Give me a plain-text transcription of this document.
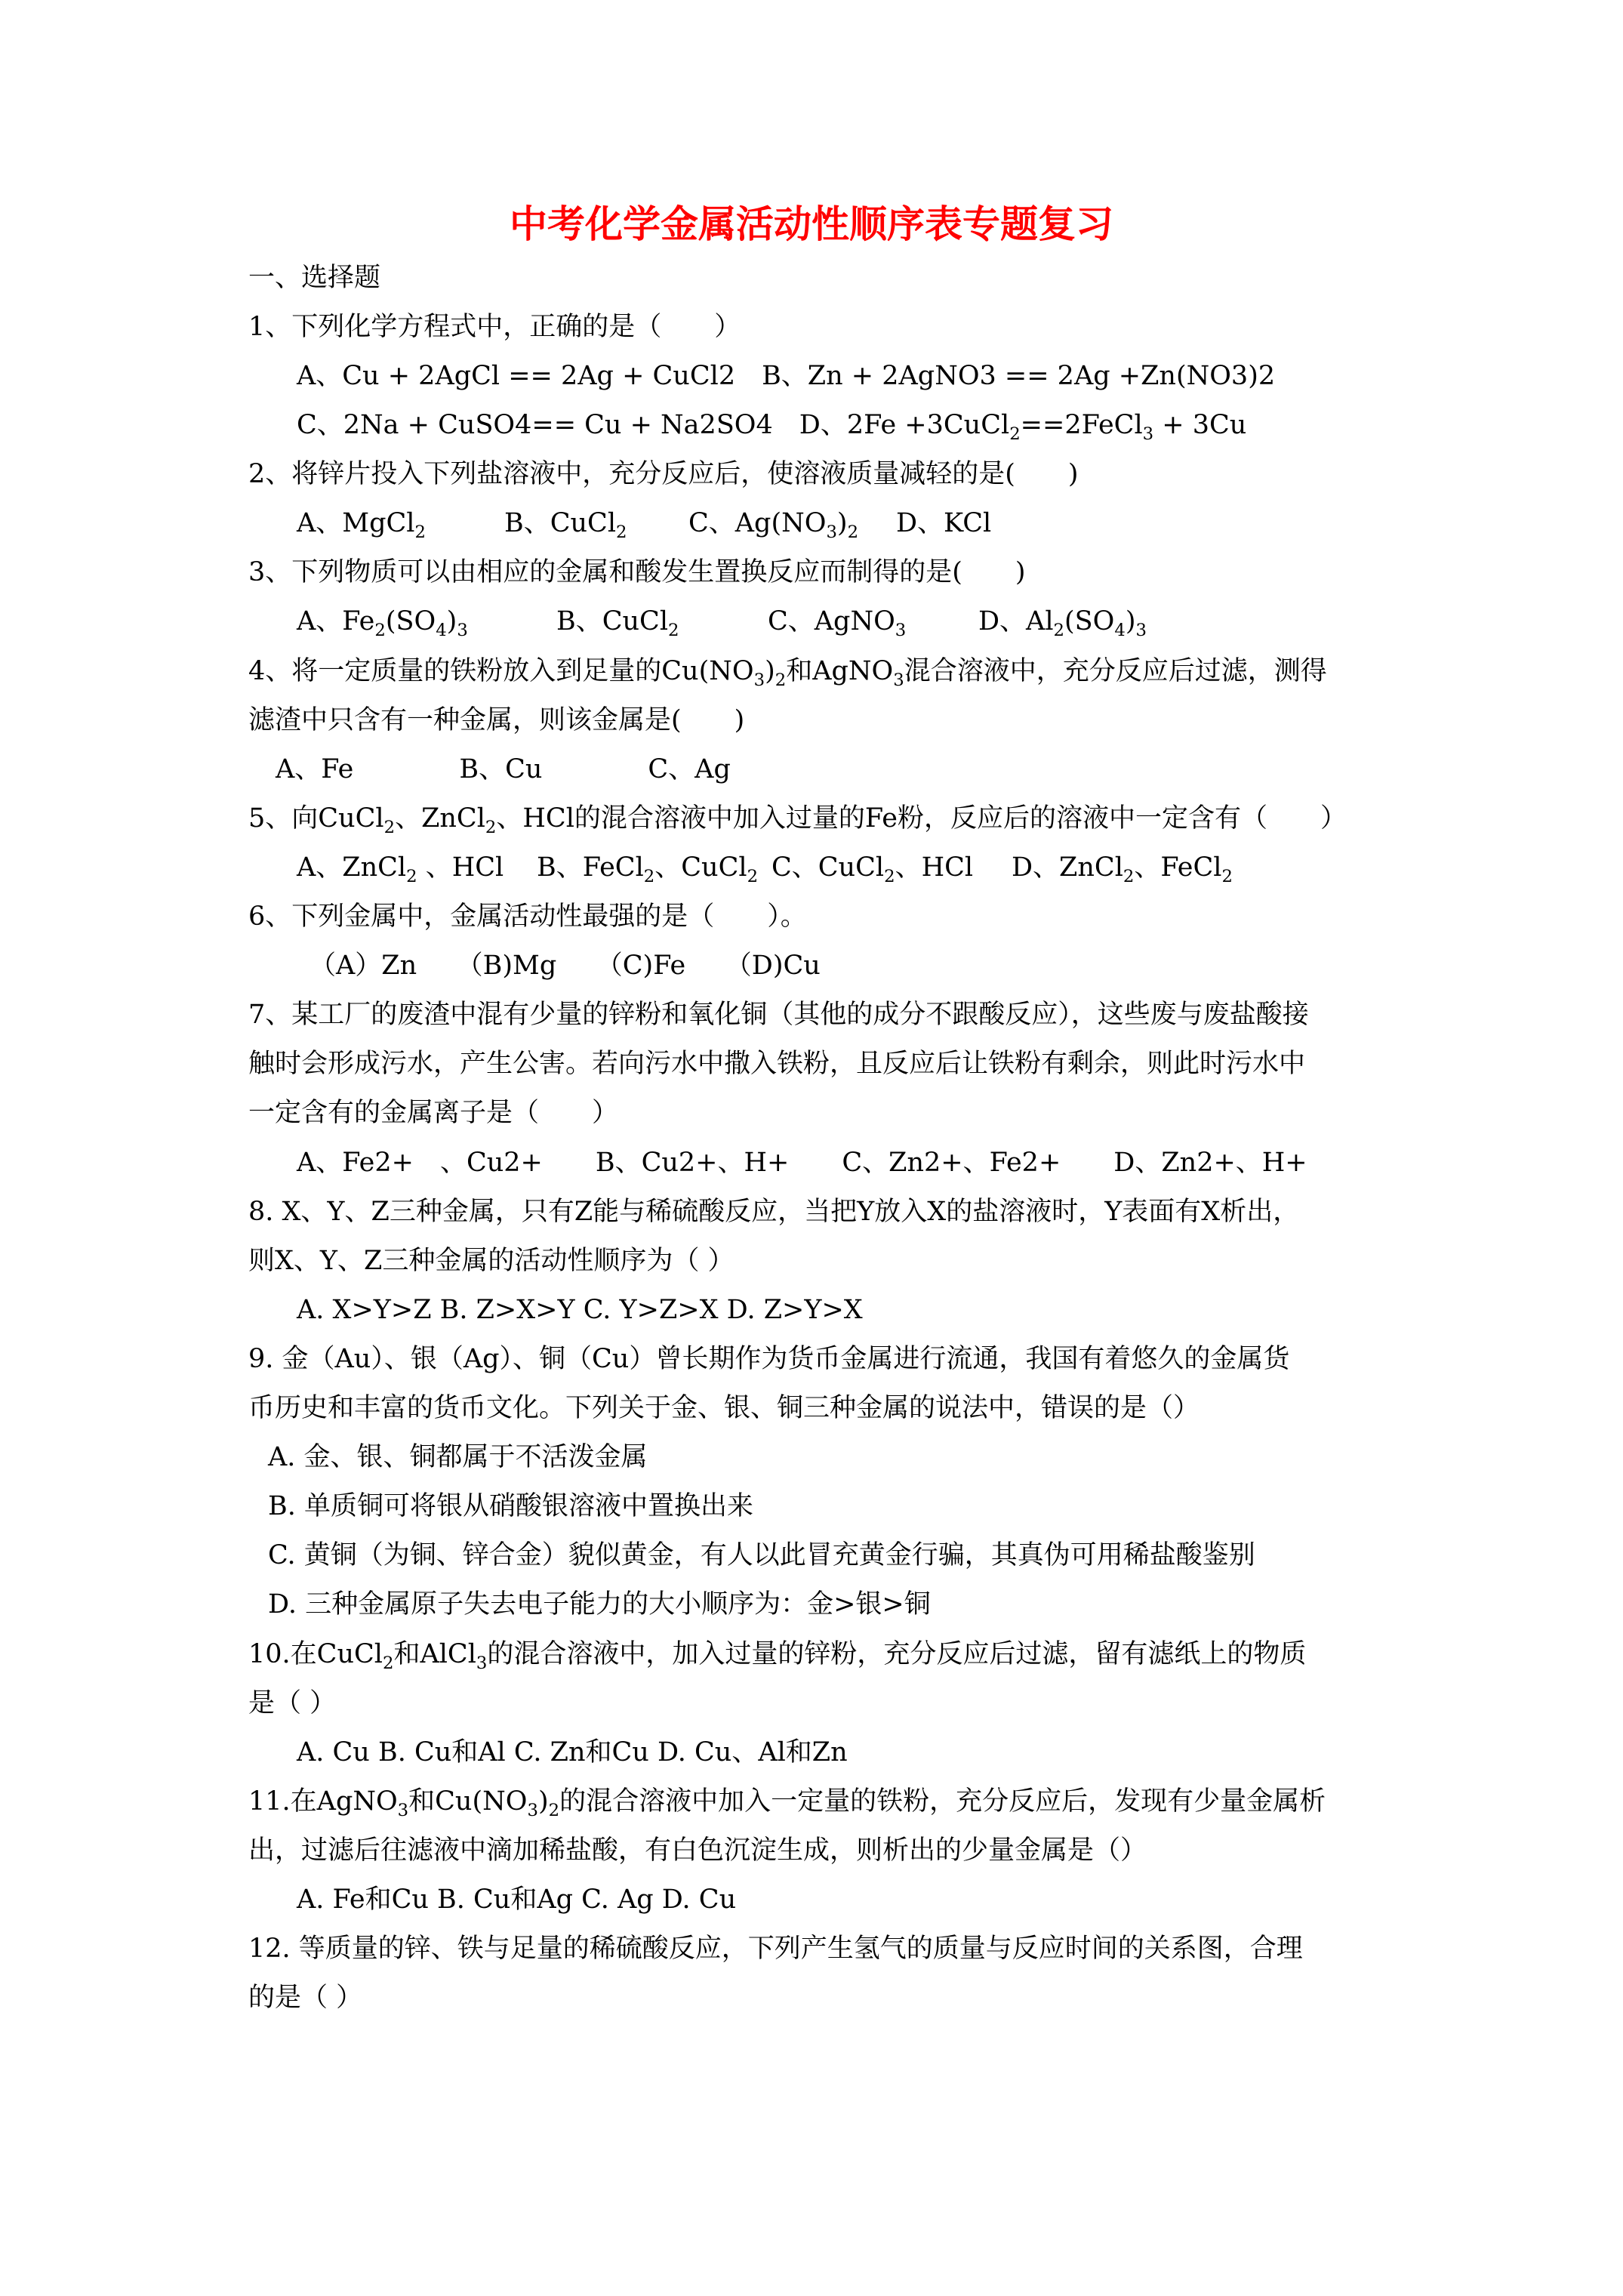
中考化学金属活动性顺序表专题复习
一、选择题
1、下列化学方程式中，正确的是（　　）
A、Cu + 2AgCl == 2Ag + CuCl2　B、Zn + 2AgNO3 == 2Ag +Zn(NO3)2
C、2Na + CuSO4== Cu + Na2SO4　D、2Fe +3CuCl$_2$==2FeCl$_3$ + 3Cu
2、将锌片投入下列盐溶液中，充分反应后，使溶液质量减轻的是(　　)
A、MgCl$_2$	B、CuCl$_2$ C、$Ag(NO_3)_2$ D、KCl
3、下列物质可以由相应的金属和酸发生置换反应而制得的是(　　)
A、$Fe_2(SO_4)_3$	B、CuCl$_2$	C、AgNO$_3$	D、$Al_2(SO_4)_3$
4、将一定质量的铁粉放入到足量的$Cu(NO_3)_2$和AgNO$_3$混合溶液中，充分反应后过滤，测得
滤渣中只含有一种金属，则该金属是(　　)
A、Fe　　　　B、Cu　　　　C、Ag
5、向CuCl$_2$、ZnCl$_2$、HCl的混合溶液中加入过量的Fe粉，反应后的溶液中一定含有（　　）
A、ZnCl$_2$ 、HCl B、FeCl$_2$、CuCl$_2$ C、CuCl$_2$、HCl D、ZnCl$_2$、FeCl$_2$
6、下列金属中，金属活动性最强的是（　　）。
（A）Zn　　（B)Mg　　（C)Fe　　（D)Cu
7、某工厂的废渣中混有少量的锌粉和氧化铜（其他的成分不跟酸反应），这些废与废盐酸接
触时会形成污水，产生公害。若向污水中撒入铁粉，且反应后让铁粉有剩余，则此时污水中
一定含有的金属离子是（　　）
A、Fe2+　、Cu2+　　B、Cu2+、H+　　C、Zn2+、Fe2+　　D、Zn2+、H+
8. X、Y、Z三种金属，只有Z能与稀硫酸反应，当把Y放入X的盐溶液时，Y表面有X析出，
则X、Y、Z三种金属的活动性顺序为（ ）
A. X>Y>Z B. Z>X>Y C. Y>Z>X D. Z>Y>X
9. 金（Au）、银（Ag）、铜（Cu）曾长期作为货币金属进行流通，我国有着悠久的金属货
币历史和丰富的货币文化。下列关于金、银、铜三种金属的说法中，错误的是（）
A. 金、银、铜都属于不活泼金属
B. 单质铜可将银从硝酸银溶液中置换出来
C. 黄铜（为铜、锌合金）貌似黄金，有人以此冒充黄金行骗，其真伪可用稀盐酸鉴别
D. 三种金属原子失去电子能力的大小顺序为：金>银>铜
10.在CuCl$_2$和AlCl$_3$的混合溶液中，加入过量的锌粉，充分反应后过滤，留有滤纸上的物质
是（ ）
A. Cu B. Cu和Al C. Zn和Cu D. Cu、Al和Zn
11.在AgNO$_3$和$Cu(NO_3)_2$的混合溶液中加入一定量的铁粉，充分反应后，发现有少量金属析
出，过滤后往滤液中滴加稀盐酸，有白色沉淀生成，则析出的少量金属是（）
A. Fe和Cu B. Cu和Ag C. Ag D. Cu
12. 等质量的锌、铁与足量的稀硫酸反应，下列产生氢气的质量与反应时间的关系图，合理
的是（ ）
